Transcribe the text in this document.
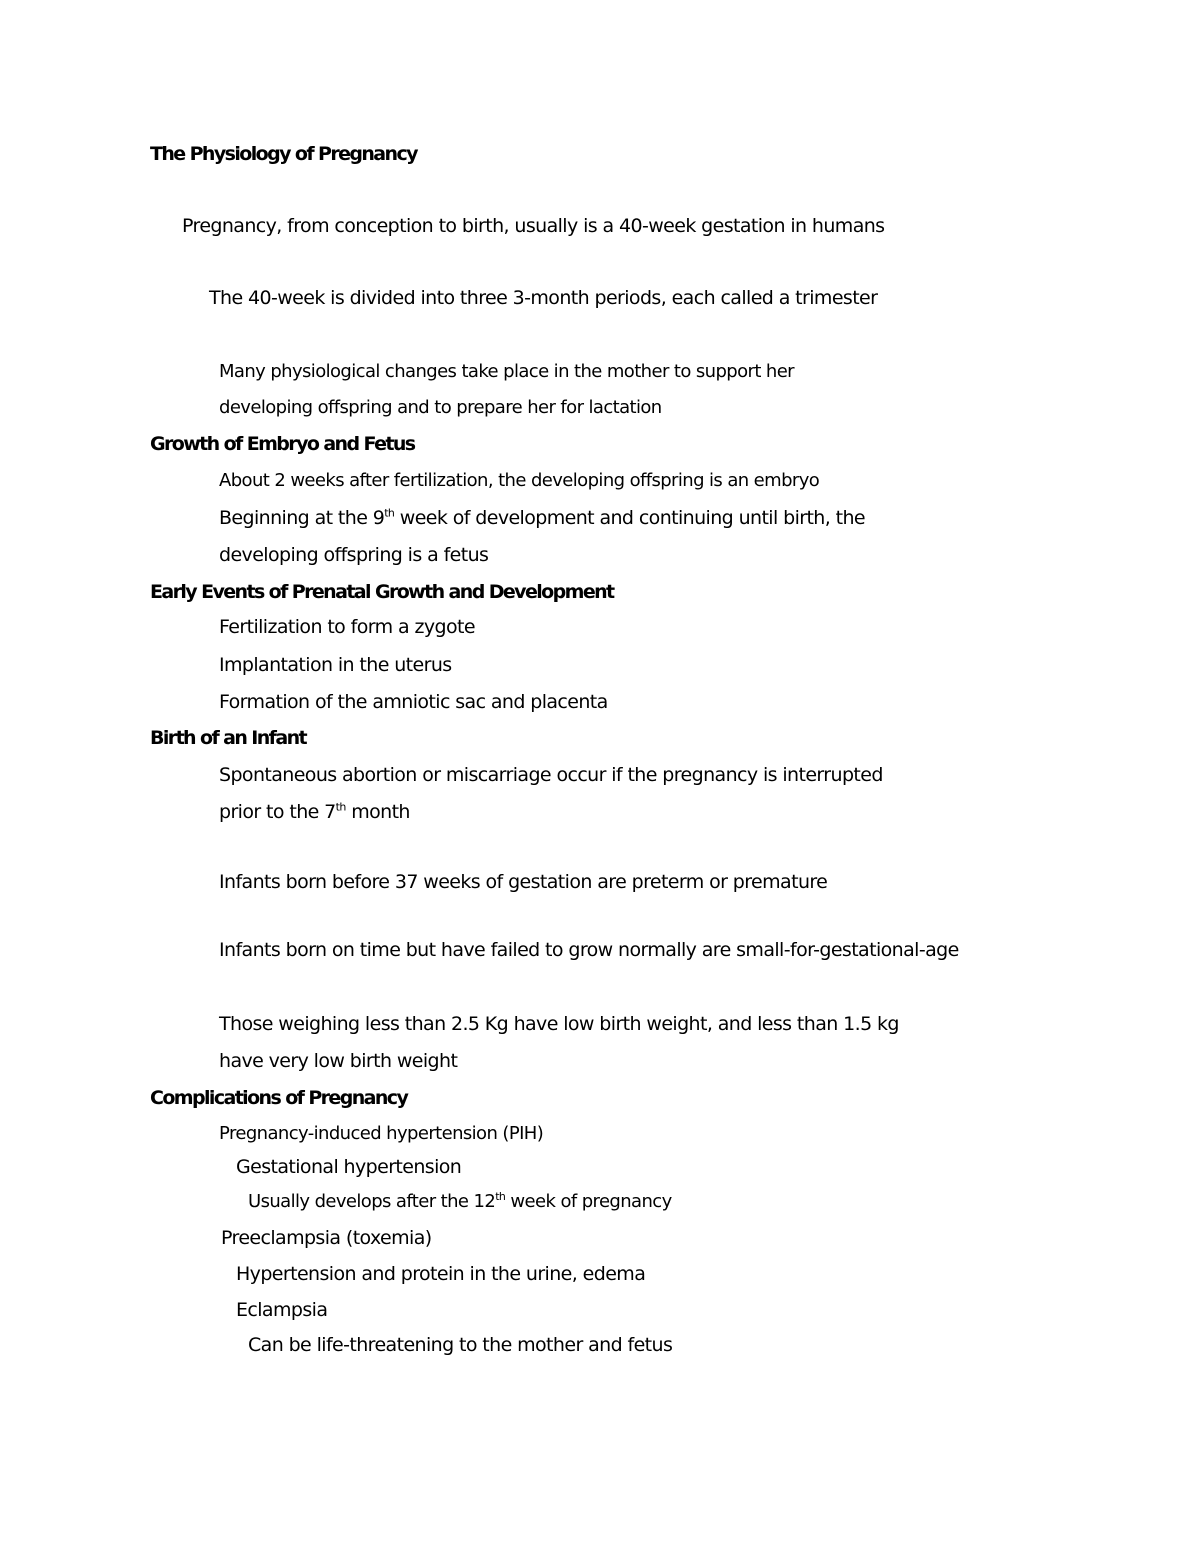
The Physiology of Pregnancy
Pregnancy, from conception to birth, usually is a 40-week gestation in humans
The 40-week is divided into three 3-month periods, each called a trimester
Many physiological changes take place in the mother to support her
developing offspring and to prepare her for lactation
Growth of Embryo and Fetus
About 2 weeks after fertilization, the developing offspring is an embryo
Beginning at the 9th week of development and continuing until birth, the
developing offspring is a fetus
Early Events of Prenatal Growth and Development
Fertilization to form a zygote
Implantation in the uterus
Formation of the amniotic sac and placenta
Birth of an Infant
Spontaneous abortion or miscarriage occur if the pregnancy is interrupted
prior to the 7th month
Infants born before 37 weeks of gestation are preterm or premature
Infants born on time but have failed to grow normally are small-for-gestational-age
Those weighing less than 2.5 Kg have low birth weight, and less than 1.5 kg
have very low birth weight
Complications of Pregnancy
Pregnancy-induced hypertension (PIH)
Gestational hypertension
Usually develops after the 12th week of pregnancy
Preeclampsia (toxemia)
Hypertension and protein in the urine, edema
Eclampsia
Can be life-threatening to the mother and fetus
